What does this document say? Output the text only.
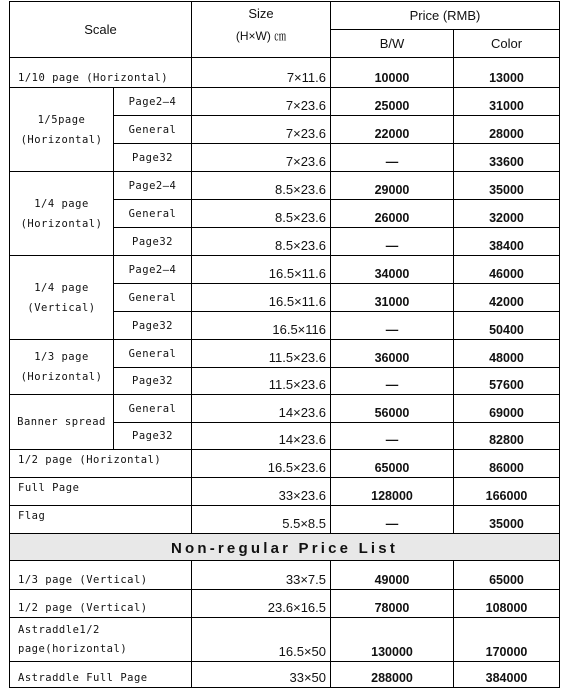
Scale		Size
(H×W) ㎝	Price (RMB)	
			B/W	Color
1/10 page (Horizontal)		7×11.6	10000	13000

1/5page
(Horizontal)	Page2—4	7×23.6	25000	31000
	General	7×23.6	22000	28000
	Page32	7×23.6	—	33600

1/4 page
(Horizontal)	Page2—4	8.5×23.6	29000	35000
	General	8.5×23.6	26000	32000
	Page32	8.5×23.6	—	38400

1/4 page
(Vertical)	Page2—4	16.5×11.6	34000	46000
	General	16.5×11.6	31000	42000
	Page32	16.5×116	—	50400

1/3 page
(Horizontal)	General	11.5×23.6	36000	48000
	Page32	11.5×23.6	—	57600
Banner spread	General	14×23.6	56000	69000
	Page32	14×23.6	—	82800
1/2 page (Horizontal)		16.5×23.6	65000	86000
Full Page		33×23.6	128000	166000
Flag		5.5×8.5	—	35000
Non-regular Price List				
1/3 page (Vertical)		33×7.5	49000	65000
1/2 page (Vertical)		23.6×16.5	78000	108000

Astraddle1/2
page(horizontal)		16.5×50	130000	170000
Astraddle Full Page		33×50	288000	384000
